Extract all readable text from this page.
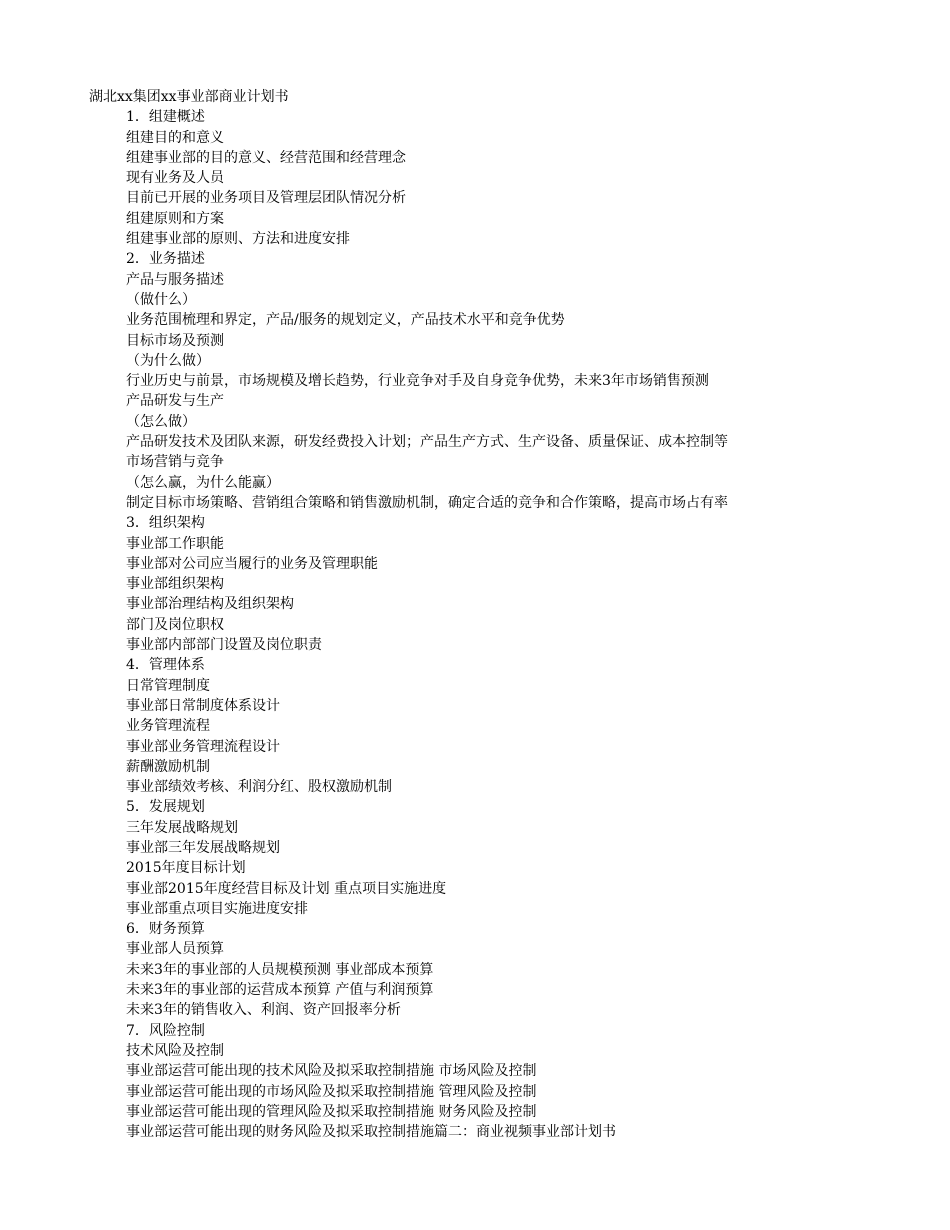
湖北xx集团xx事业部商业计划书
1．组建概述
组建目的和意义
组建事业部的目的意义、经营范围和经营理念
现有业务及人员
目前已开展的业务项目及管理层团队情况分析
组建原则和方案
组建事业部的原则、方法和进度安排
2．业务描述
产品与服务描述
（做什么）
业务范围梳理和界定，产品/服务的规划定义，产品技术水平和竞争优势
目标市场及预测
（为什么做）
行业历史与前景，市场规模及增长趋势，行业竞争对手及自身竞争优势，未来3年市场销售预测
产品研发与生产
（怎么做）
产品研发技术及团队来源，研发经费投入计划；产品生产方式、生产设备、质量保证、成本控制等
市场营销与竞争
（怎么赢，为什么能赢）
制定目标市场策略、营销组合策略和销售激励机制，确定合适的竞争和合作策略，提高市场占有率
3．组织架构
事业部工作职能
事业部对公司应当履行的业务及管理职能
事业部组织架构
事业部治理结构及组织架构
部门及岗位职权
事业部内部部门设置及岗位职责
4．管理体系
日常管理制度
事业部日常制度体系设计
业务管理流程
事业部业务管理流程设计
薪酬激励机制
事业部绩效考核、利润分红、股权激励机制
5．发展规划
三年发展战略规划
事业部三年发展战略规划
2015年度目标计划
事业部2015年度经营目标及计划 重点项目实施进度
事业部重点项目实施进度安排
6．财务预算
事业部人员预算
未来3年的事业部的人员规模预测 事业部成本预算
未来3年的事业部的运营成本预算 产值与利润预算
未来3年的销售收入、利润、资产回报率分析
7．风险控制
技术风险及控制
事业部运营可能出现的技术风险及拟采取控制措施 市场风险及控制
事业部运营可能出现的市场风险及拟采取控制措施 管理风险及控制
事业部运营可能出现的管理风险及拟采取控制措施 财务风险及控制
事业部运营可能出现的财务风险及拟采取控制措施篇二：商业视频事业部计划书
